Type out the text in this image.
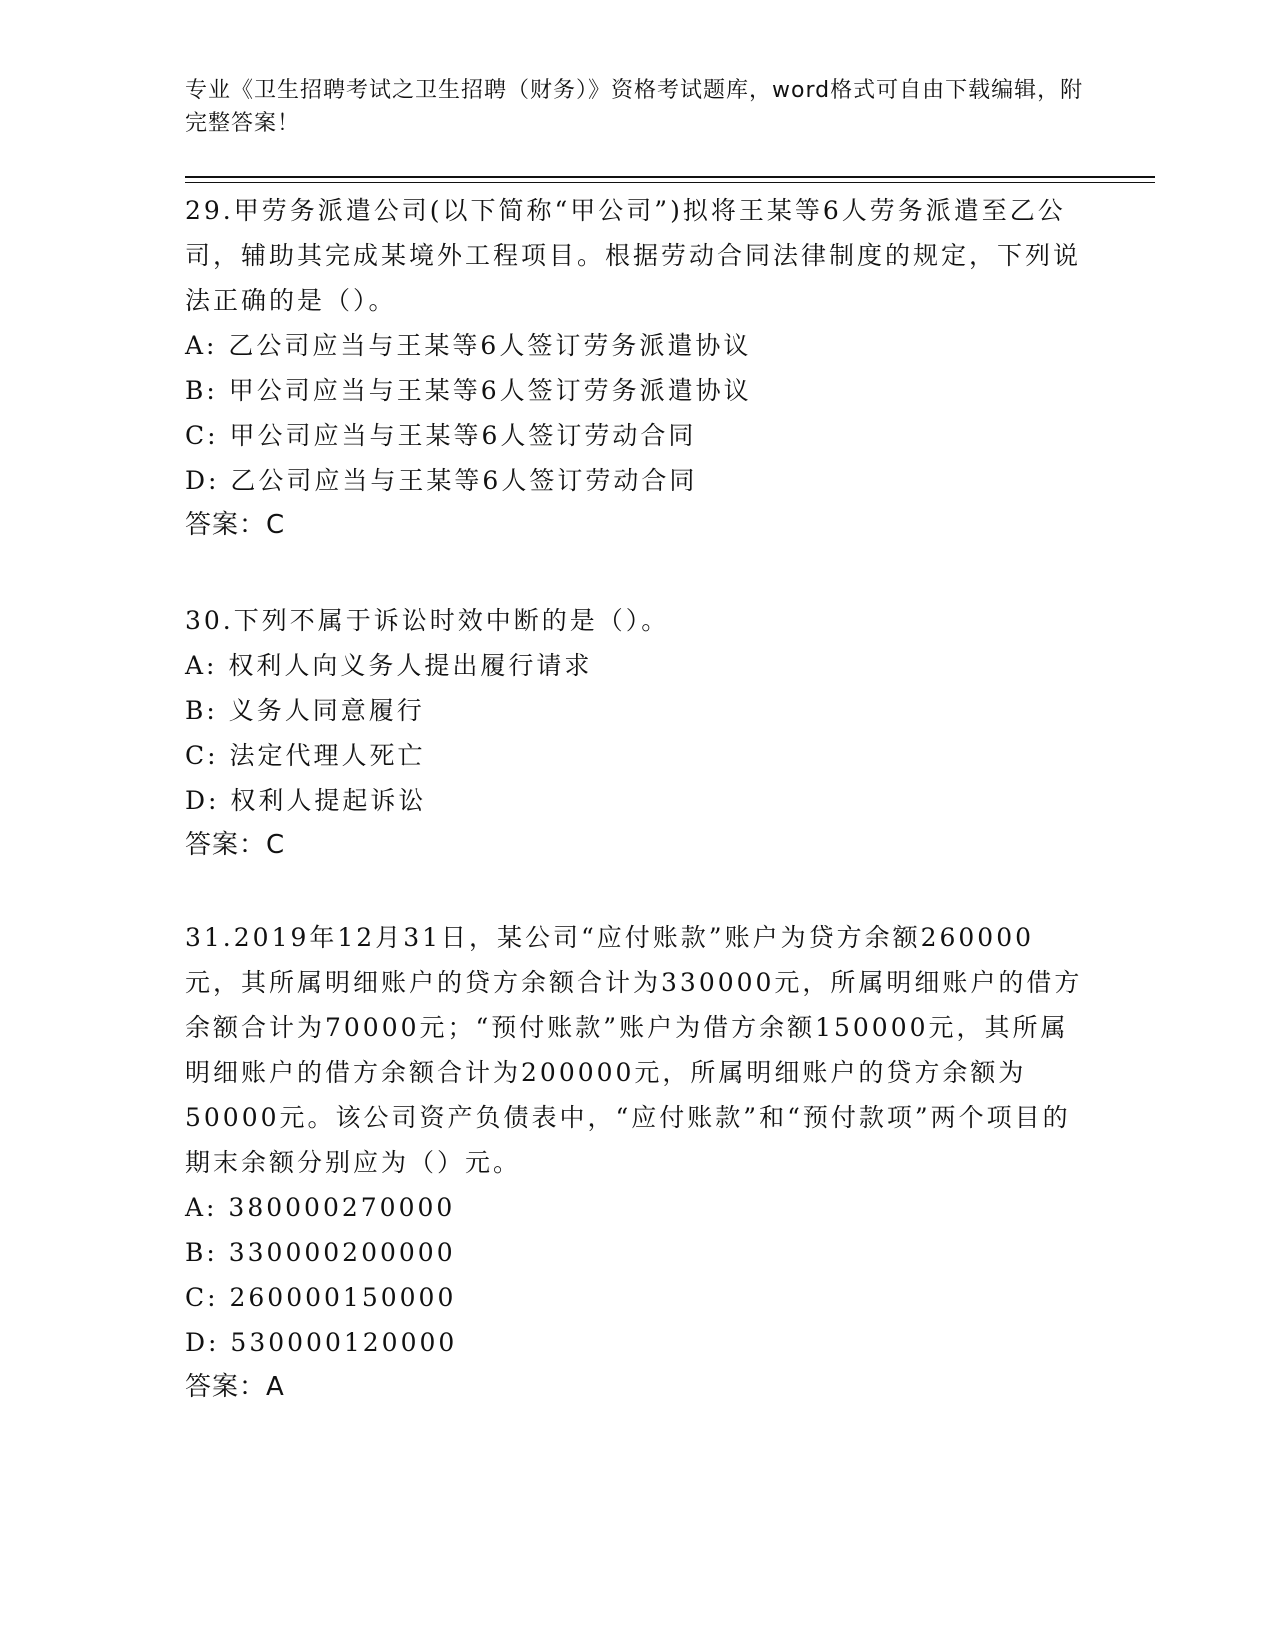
专业《卫生招聘考试之卫生招聘（财务）》资格考试题库，word格式可自由下载编辑，附完整答案！

29.甲劳务派遣公司(以下简称“甲公司”)拟将王某等6人劳务派遣至乙公司，辅助其完成某境外工程项目。根据劳动合同法律制度的规定，下列说法正确的是（）。

A: 乙公司应当与王某等6人签订劳务派遣协议

B: 甲公司应当与王某等6人签订劳务派遣协议

C: 甲公司应当与王某等6人签订劳动合同

D: 乙公司应当与王某等6人签订劳动合同

答案：C

30.下列不属于诉讼时效中断的是（）。

A: 权利人向义务人提出履行请求

B: 义务人同意履行

C: 法定代理人死亡

D: 权利人提起诉讼

答案：C

31.2019年12月31日，某公司“应付账款”账户为贷方余额260000元，其所属明细账户的贷方余额合计为330000元，所属明细账户的借方余额合计为70000元；“预付账款”账户为借方余额150000元，其所属明细账户的借方余额合计为200000元，所属明细账户的贷方余额为50000元。该公司资产负债表中，“应付账款”和“预付款项”两个项目的期末余额分别应为（）元。

A: 380000270000

B: 330000200000

C: 260000150000

D: 530000120000

答案：A
